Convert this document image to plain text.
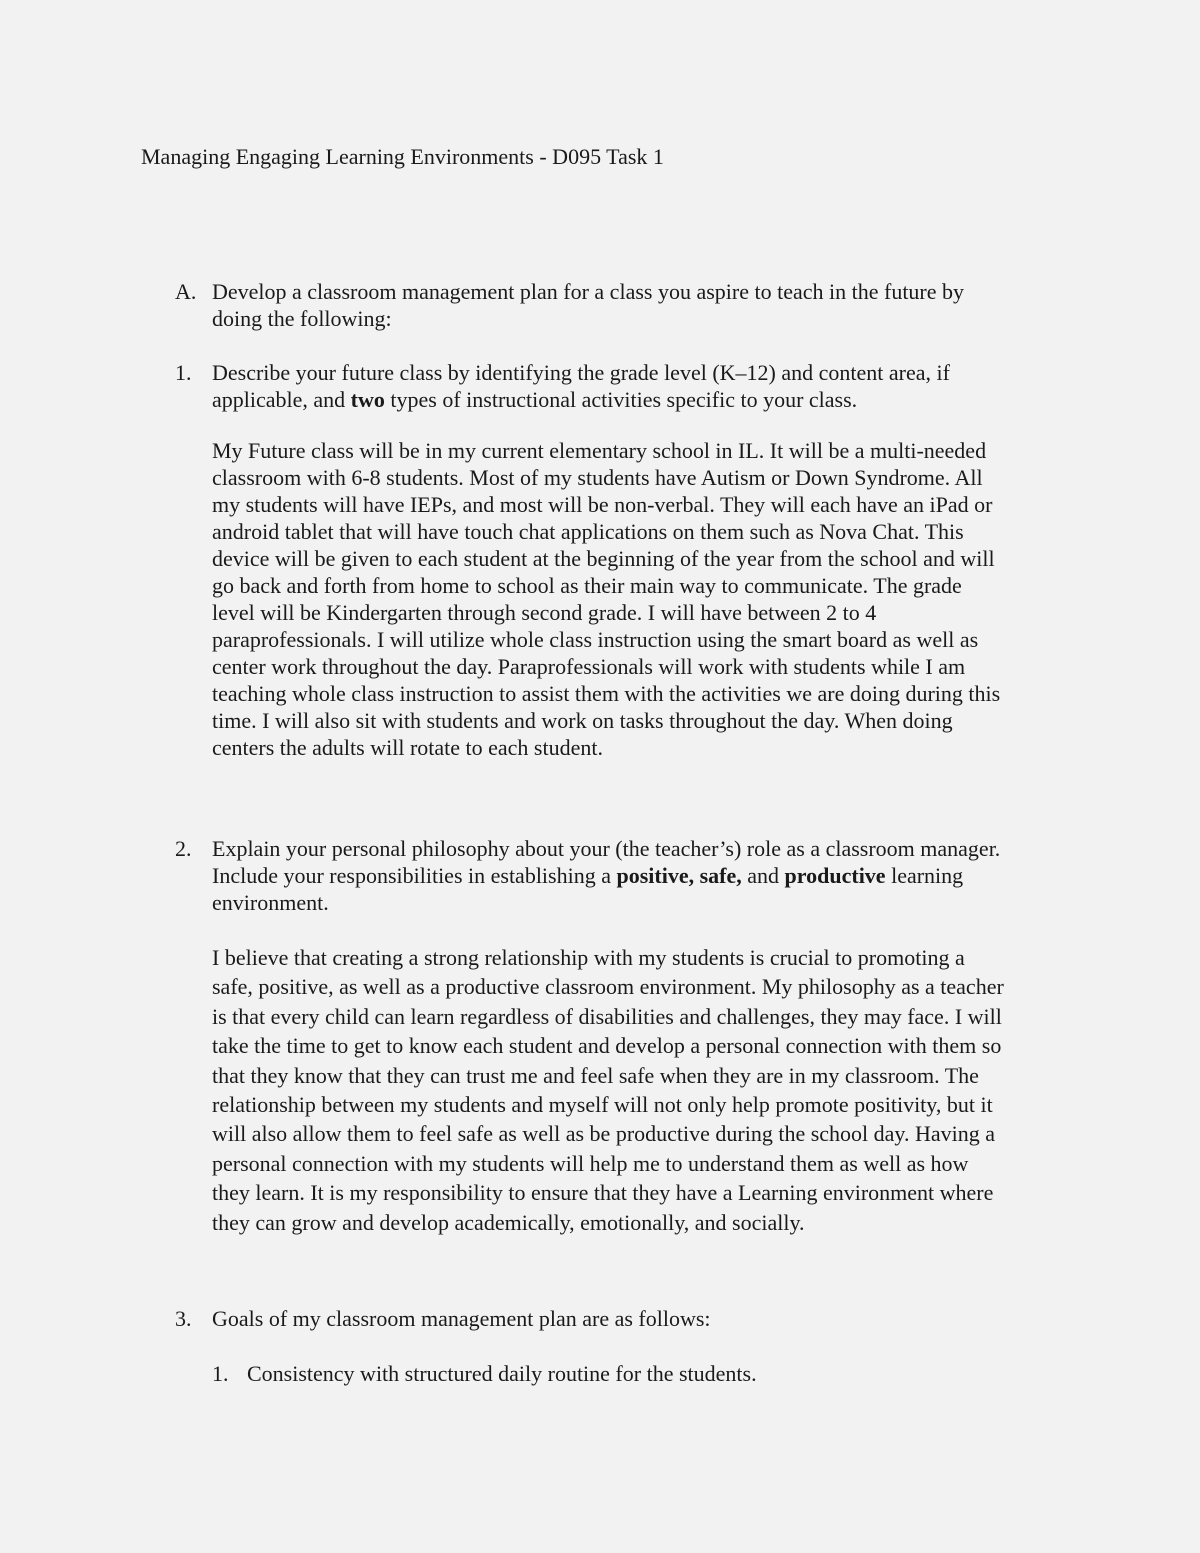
Managing Engaging Learning Environments - D095 Task 1
A. Develop a classroom management plan for a class you aspire to teach in the future by
doing the following:
1. Describe your future class by identifying the grade level (K–12) and content area, if
applicable, and two types of instructional activities specific to your class.
My Future class will be in my current elementary school in IL. It will be a multi-needed
classroom with 6-8 students. Most of my students have Autism or Down Syndrome. All
my students will have IEPs, and most will be non-verbal. They will each have an iPad or
android tablet that will have touch chat applications on them such as Nova Chat. This
device will be given to each student at the beginning of the year from the school and will
go back and forth from home to school as their main way to communicate. The grade
level will be Kindergarten through second grade. I will have between 2 to 4
paraprofessionals. I will utilize whole class instruction using the smart board as well as
center work throughout the day. Paraprofessionals will work with students while I am
teaching whole class instruction to assist them with the activities we are doing during this
time. I will also sit with students and work on tasks throughout the day. When doing
centers the adults will rotate to each student.
2. Explain your personal philosophy about your (the teacher’s) role as a classroom manager.
Include your responsibilities in establishing a positive, safe, and productive learning
environment.
I believe that creating a strong relationship with my students is crucial to promoting a
safe, positive, as well as a productive classroom environment. My philosophy as a teacher
is that every child can learn regardless of disabilities and challenges, they may face. I will
take the time to get to know each student and develop a personal connection with them so
that they know that they can trust me and feel safe when they are in my classroom. The
relationship between my students and myself will not only help promote positivity, but it
will also allow them to feel safe as well as be productive during the school day. Having a
personal connection with my students will help me to understand them as well as how
they learn. It is my responsibility to ensure that they have a Learning environment where
they can grow and develop academically, emotionally, and socially.
3. Goals of my classroom management plan are as follows:
1. Consistency with structured daily routine for the students.
